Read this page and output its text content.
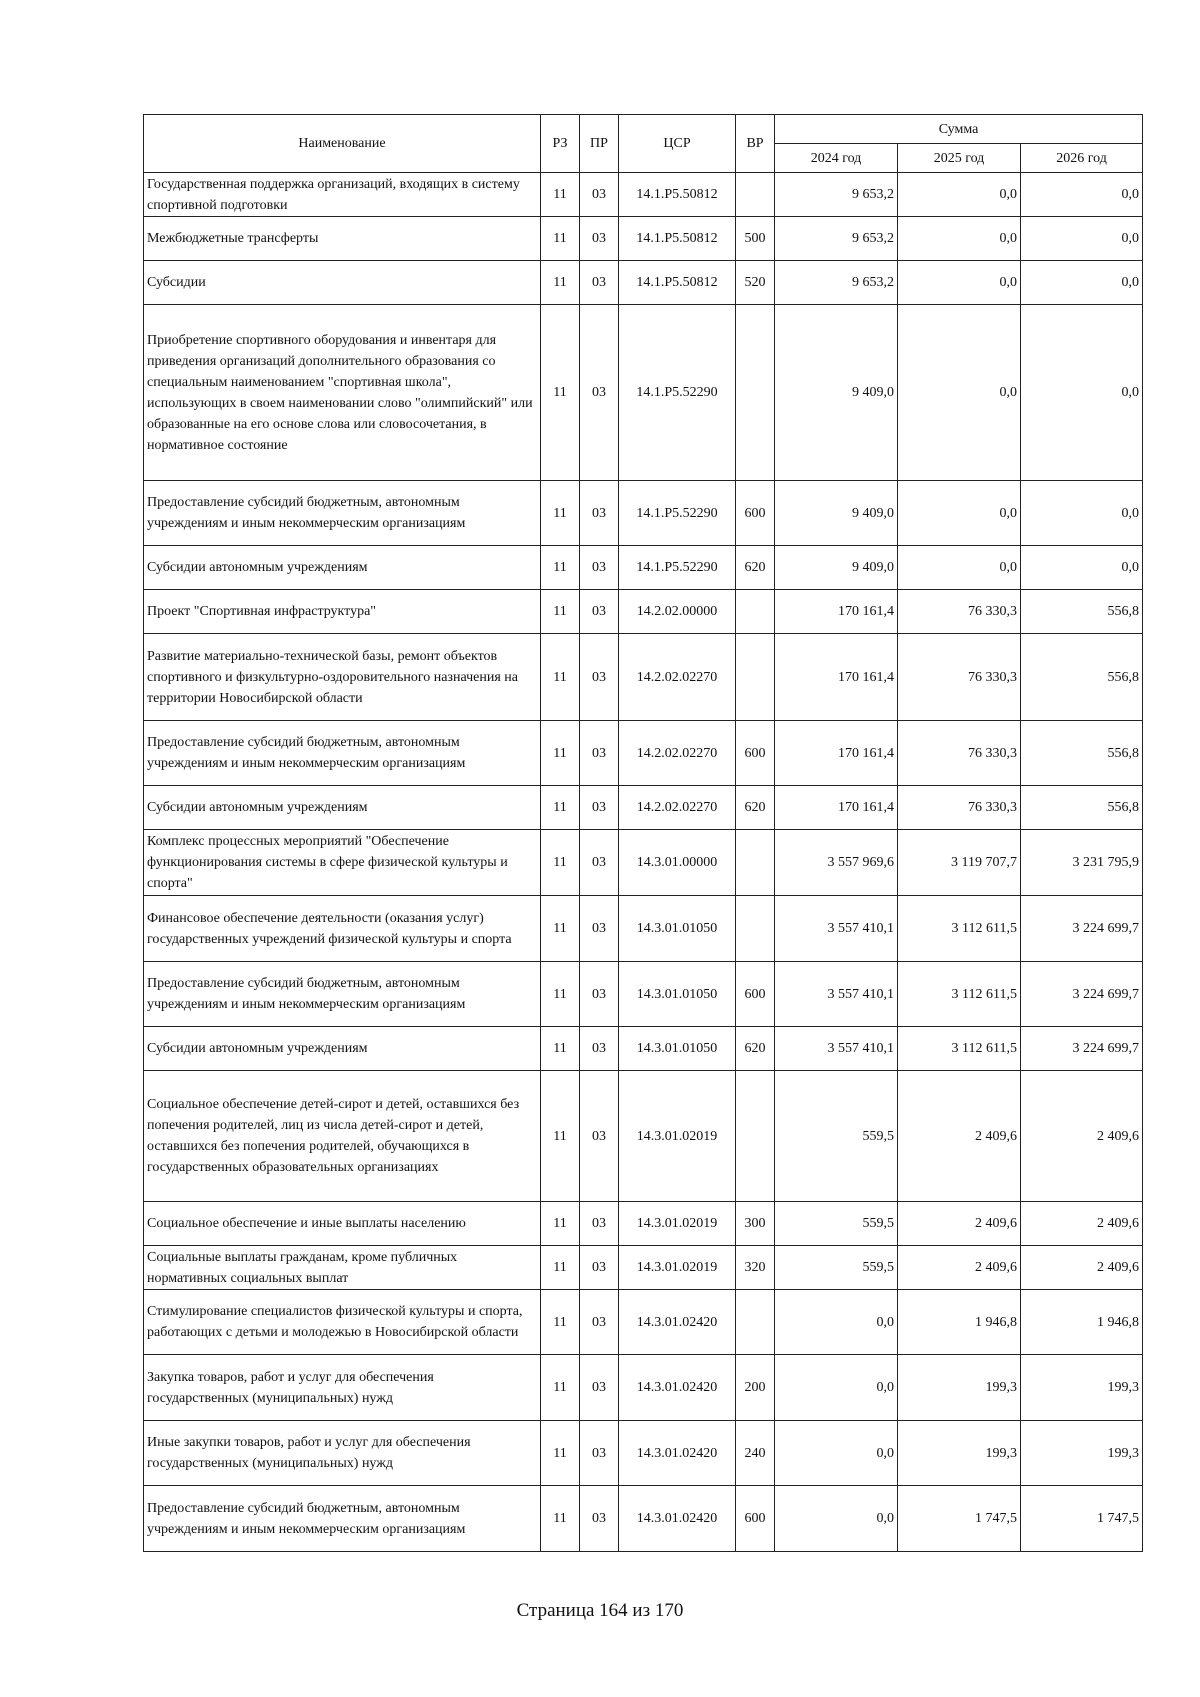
Наименование	РЗ	ПР	ЦСР	ВР	Сумма		
					2024 год	2025 год	2026 год
Государственная поддержка организаций, входящих в систему спортивной подготовки	11	03	14.1.P5.50812		9 653,2	0,0	0,0
Межбюджетные трансферты	11	03	14.1.P5.50812	500	9 653,2	0,0	0,0
Субсидии	11	03	14.1.P5.50812	520	9 653,2	0,0	0,0
Приобретение спортивного оборудования и инвентаря для приведения организаций дополнительного образования со специальным наименованием "спортивная школа", использующих в своем наименовании слово "олимпийский" или образованные на его основе слова или словосочетания, в нормативное состояние	11	03	14.1.P5.52290		9 409,0	0,0	0,0
Предоставление субсидий бюджетным, автономным учреждениям и иным некоммерческим организациям	11	03	14.1.P5.52290	600	9 409,0	0,0	0,0
Субсидии автономным учреждениям	11	03	14.1.P5.52290	620	9 409,0	0,0	0,0
Проект "Спортивная инфраструктура"	11	03	14.2.02.00000		170 161,4	76 330,3	556,8
Развитие материально-технической базы, ремонт объектов спортивного и физкультурно-оздоровительного назначения на территории Новосибирской области	11	03	14.2.02.02270		170 161,4	76 330,3	556,8
Предоставление субсидий бюджетным, автономным учреждениям и иным некоммерческим организациям	11	03	14.2.02.02270	600	170 161,4	76 330,3	556,8
Субсидии автономным учреждениям	11	03	14.2.02.02270	620	170 161,4	76 330,3	556,8
Комплекс процессных мероприятий "Обеспечение функционирования системы в сфере физической культуры и спорта"	11	03	14.3.01.00000		3 557 969,6	3 119 707,7	3 231 795,9
Финансовое обеспечение деятельности (оказания услуг) государственных учреждений физической культуры и спорта	11	03	14.3.01.01050		3 557 410,1	3 112 611,5	3 224 699,7
Предоставление субсидий бюджетным, автономным учреждениям и иным некоммерческим организациям	11	03	14.3.01.01050	600	3 557 410,1	3 112 611,5	3 224 699,7
Субсидии автономным учреждениям	11	03	14.3.01.01050	620	3 557 410,1	3 112 611,5	3 224 699,7
Социальное обеспечение детей-сирот и детей, оставшихся без попечения родителей, лиц из числа детей-сирот и детей, оставшихся без попечения родителей, обучающихся в государственных образовательных организациях	11	03	14.3.01.02019		559,5	2 409,6	2 409,6
Социальное обеспечение и иные выплаты населению	11	03	14.3.01.02019	300	559,5	2 409,6	2 409,6
Социальные выплаты гражданам, кроме публичных нормативных социальных выплат	11	03	14.3.01.02019	320	559,5	2 409,6	2 409,6
Стимулирование специалистов физической культуры и спорта, работающих с детьми и молодежью в Новосибирской области	11	03	14.3.01.02420		0,0	1 946,8	1 946,8
Закупка товаров, работ и услуг для обеспечения государственных (муниципальных) нужд	11	03	14.3.01.02420	200	0,0	199,3	199,3
Иные закупки товаров, работ и услуг для обеспечения государственных (муниципальных) нужд	11	03	14.3.01.02420	240	0,0	199,3	199,3
Предоставление субсидий бюджетным, автономным учреждениям и иным некоммерческим организациям	11	03	14.3.01.02420	600	0,0	1 747,5	1 747,5
Страница 164 из 170
